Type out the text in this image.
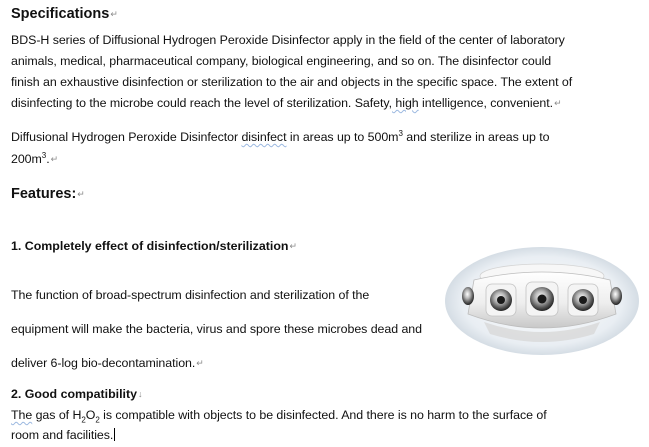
Specifications↵
BDS-H series of Diffusional Hydrogen Peroxide Disinfector apply in the field of the center of laboratory
animals, medical, pharmaceutical company, biological engineering, and so on. The disinfector could
finish an exhaustive disinfection or sterilization to the air and objects in the specific space. The extent of
disinfecting to the microbe could reach the level of sterilization. Safety, high intelligence, convenient.↵
Diffusional Hydrogen Peroxide Disinfector disinfect in areas up to $500m^3$ and sterilize in areas up to
$200m^3.↵$
Features:↵
1. Completely effect of disinfection/sterilization↵
The function of broad-spectrum disinfection and sterilization of the
equipment will make the bacteria, virus and spore these microbes dead and
deliver 6-log bio-decontamination.↵
2. Good compatibility↓
The gas of $H_2O_2$ is compatible with objects to be disinfected. And there is no harm to the surface of
room and facilities.
